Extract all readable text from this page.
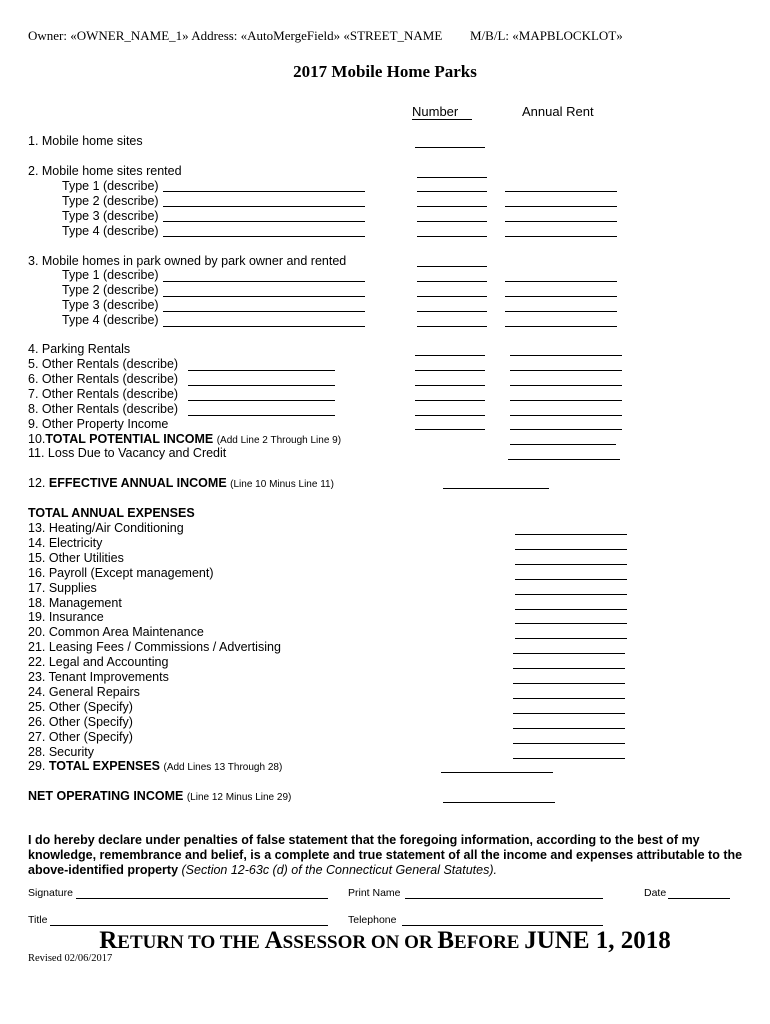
Owner: «OWNER_NAME_1» Address: «AutoMergeField» «STREET_NAME M/B/L: «MAPBLOCKLOT»
2017 Mobile Home Parks
Number	Annual Rent
1. Mobile home sites
2. Mobile home sites rented
Type 1 (describe)
Type 2 (describe)
Type 3 (describe)
Type 4 (describe)
3. Mobile homes in park owned by park owner and rented
Type 1 (describe)
Type 2 (describe)
Type 3 (describe)
Type 4 (describe)
4. Parking Rentals
5. Other Rentals (describe)
6. Other Rentals (describe)
7. Other Rentals (describe)
8. Other Rentals (describe)
9. Other Property Income
10.TOTAL POTENTIAL INCOME (Add Line 2 Through Line 9)
11. Loss Due to Vacancy and Credit
12. EFFECTIVE ANNUAL INCOME (Line 10 Minus Line 11)
TOTAL ANNUAL EXPENSES
13. Heating/Air Conditioning
14. Electricity
15. Other Utilities
16. Payroll (Except management)
17. Supplies
18. Management
19. Insurance
20. Common Area Maintenance
21. Leasing Fees / Commissions / Advertising
22. Legal and Accounting
23. Tenant Improvements
24. General Repairs
25. Other (Specify)
26. Other (Specify)
27. Other (Specify)
28. Security
29. TOTAL EXPENSES (Add Lines 13 Through 28)
NET OPERATING INCOME (Line 12 Minus Line 29)
I do hereby declare under penalties of false statement that the foregoing information, according to the best of my knowledge, remembrance and belief, is a complete and true statement of all the income and expenses attributable to the above-identified property (Section 12-63c (d) of the Connecticut General Statutes).
Signature	Print Name	Date
Title	Telephone
RETURN TO THE ASSESSOR ON OR BEFORE JUNE 1, 2018
Revised 02/06/2017
